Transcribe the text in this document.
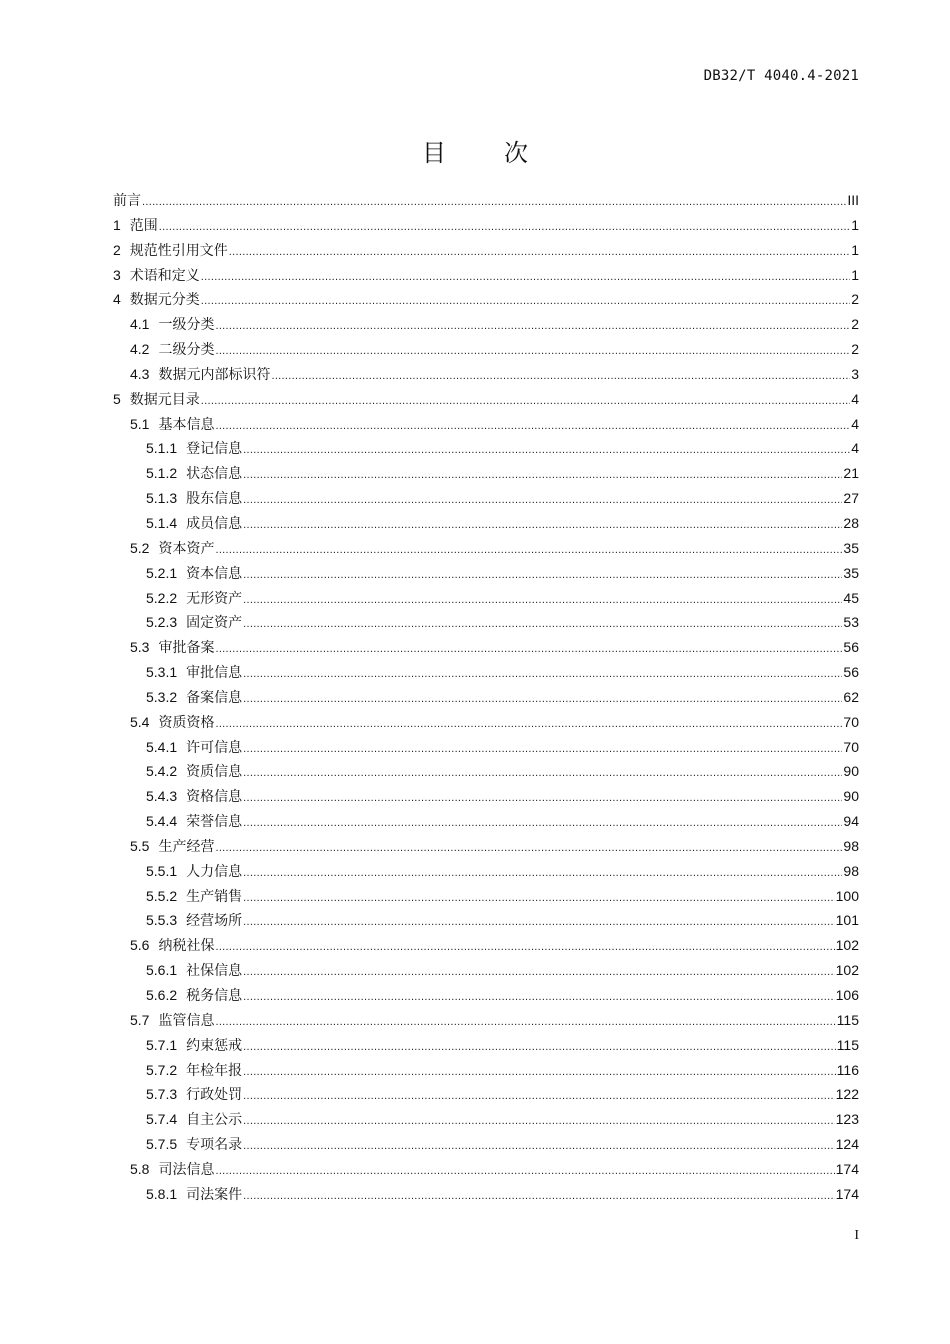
DB32/T 4040.4-2021
目 次
前言 .....	III
1 范围 .....	1
2 规范性引用文件 .....	1
3 术语和定义 .....	1
4 数据元分类 .....	2
4.1 一级分类 .....	2
4.2 二级分类 .....	2
4.3 数据元内部标识符 .....	3
5 数据元目录 .....	4
5.1 基本信息 .....	4
5.1.1 登记信息 .....	4
5.1.2 状态信息 .....	21
5.1.3 股东信息 .....	27
5.1.4 成员信息 .....	28
5.2 资本资产 .....	35
5.2.1 资本信息 .....	35
5.2.2 无形资产 .....	45
5.2.3 固定资产 .....	53
5.3 审批备案 .....	56
5.3.1 审批信息 .....	56
5.3.2 备案信息 .....	62
5.4 资质资格 .....	70
5.4.1 许可信息 .....	70
5.4.2 资质信息 .....	90
5.4.3 资格信息 .....	90
5.4.4 荣誉信息 .....	94
5.5 生产经营 .....	98
5.5.1 人力信息 .....	98
5.5.2 生产销售 .....	100
5.5.3 经营场所 .....	101
5.6 纳税社保 .....	102
5.6.1 社保信息 .....	102
5.6.2 税务信息 .....	106
5.7 监管信息 .....	115
5.7.1 约束惩戒 .....	115
5.7.2 年检年报 .....	116
5.7.3 行政处罚 .....	122
5.7.4 自主公示 .....	123
5.7.5 专项名录 .....	124
5.8 司法信息 .....	174
5.8.1 司法案件 .....	174
I
